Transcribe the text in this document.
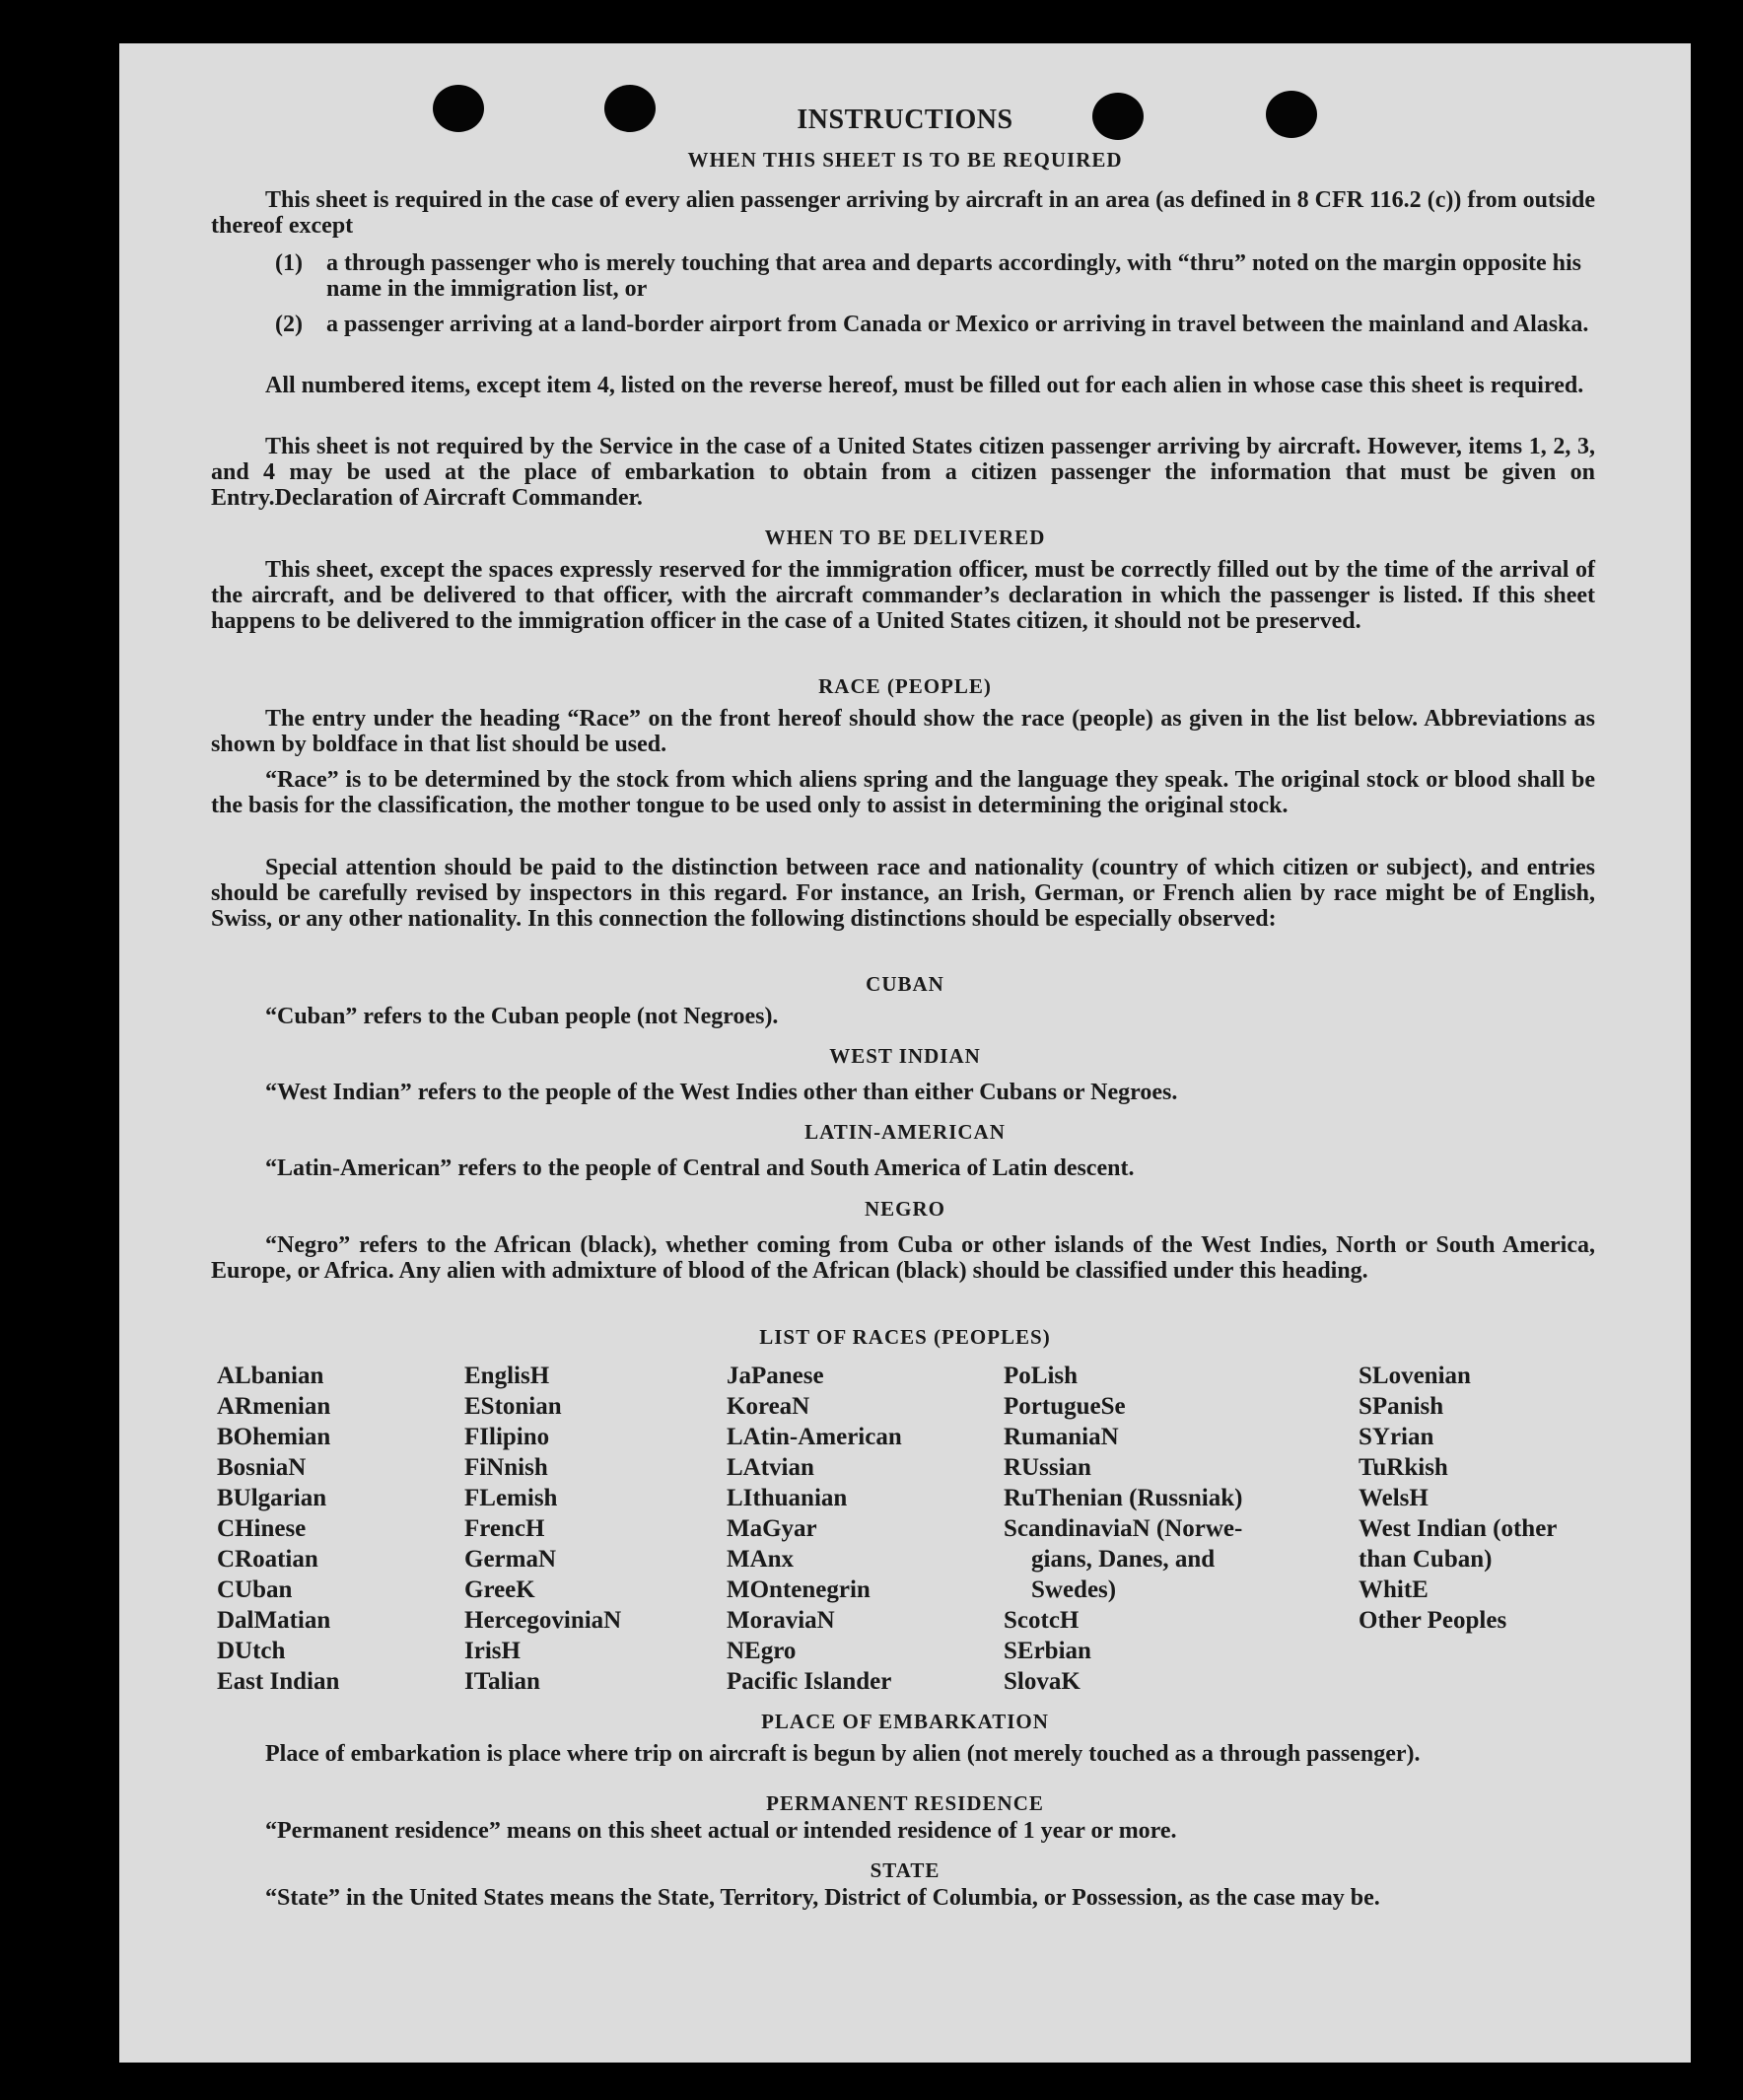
INSTRUCTIONS
WHEN THIS SHEET IS TO BE REQUIRED
This sheet is required in the case of every alien passenger arriving by aircraft in an area (as defined in 8 CFR 116.2 (c)) from outside thereof except
(1) a through passenger who is merely touching that area and departs accordingly, with “thru” noted on the margin opposite his name in the immigration list, or
(2) a passenger arriving at a land-border airport from Canada or Mexico or arriving in travel between the mainland and Alaska.
All numbered items, except item 4, listed on the reverse hereof, must be filled out for each alien in whose case this sheet is required.
This sheet is not required by the Service in the case of a United States citizen passenger arriving by aircraft. However, items 1, 2, 3, and 4 may be used at the place of embarkation to obtain from a citizen passenger the information that must be given on Entry.Declaration of Aircraft Commander.
WHEN TO BE DELIVERED
This sheet, except the spaces expressly reserved for the immigration officer, must be correctly filled out by the time of the arrival of the aircraft, and be delivered to that officer, with the aircraft commander’s declaration in which the passenger is listed. If this sheet happens to be delivered to the immigration officer in the case of a United States citizen, it should not be preserved.
RACE (PEOPLE)
The entry under the heading “Race” on the front hereof should show the race (people) as given in the list below. Abbreviations as shown by boldface in that list should be used.
“Race” is to be determined by the stock from which aliens spring and the language they speak. The original stock or blood shall be the basis for the classification, the mother tongue to be used only to assist in determining the original stock.
Special attention should be paid to the distinction between race and nationality (country of which citizen or subject), and entries should be carefully revised by inspectors in this regard. For instance, an Irish, German, or French alien by race might be of English, Swiss, or any other nationality. In this connection the following distinctions should be especially observed:
CUBAN
“Cuban” refers to the Cuban people (not Negroes).
WEST INDIAN
“West Indian” refers to the people of the West Indies other than either Cubans or Negroes.
LATIN-AMERICAN
“Latin-American” refers to the people of Central and South America of Latin descent.
NEGRO
“Negro” refers to the African (black), whether coming from Cuba or other islands of the West Indies, North or South America, Europe, or Africa. Any alien with admixture of blood of the African (black) should be classified under this heading.
LIST OF RACES (PEOPLES)
ALbanian
ARmenian
BOhemian
BosniaN
BUlgarian
CHinese
CRoatian
CUban
DalMatian
DUtch
East Indian
EnglisH
EStonian
FIlipino
FiNnish
FLemish
FrencH
GermaN
GreeK
HercegoviniaN
IrisH
ITalian
JaPanese
KoreaN
LAtin-American
LAtvian
LIthuanian
MaGyar
MAnx
MOntenegrin
MoraviaN
NEgro
Pacific Islander
PoLish
PortugueSe
RumaniaN
RUssian
RuThenian (Russniak)
ScandinaviaN (Norwe-
gians, Danes, and
Swedes)
ScotcH
SErbian
SlovaK
SLovenian
SPanish
SYrian
TuRkish
WelsH
West Indian (other
than Cuban)
WhitE
Other Peoples
PLACE OF EMBARKATION
Place of embarkation is place where trip on aircraft is begun by alien (not merely touched as a through passenger).
PERMANENT RESIDENCE
“Permanent residence” means on this sheet actual or intended residence of 1 year or more.
STATE
“State” in the United States means the State, Territory, District of Columbia, or Possession, as the case may be.
